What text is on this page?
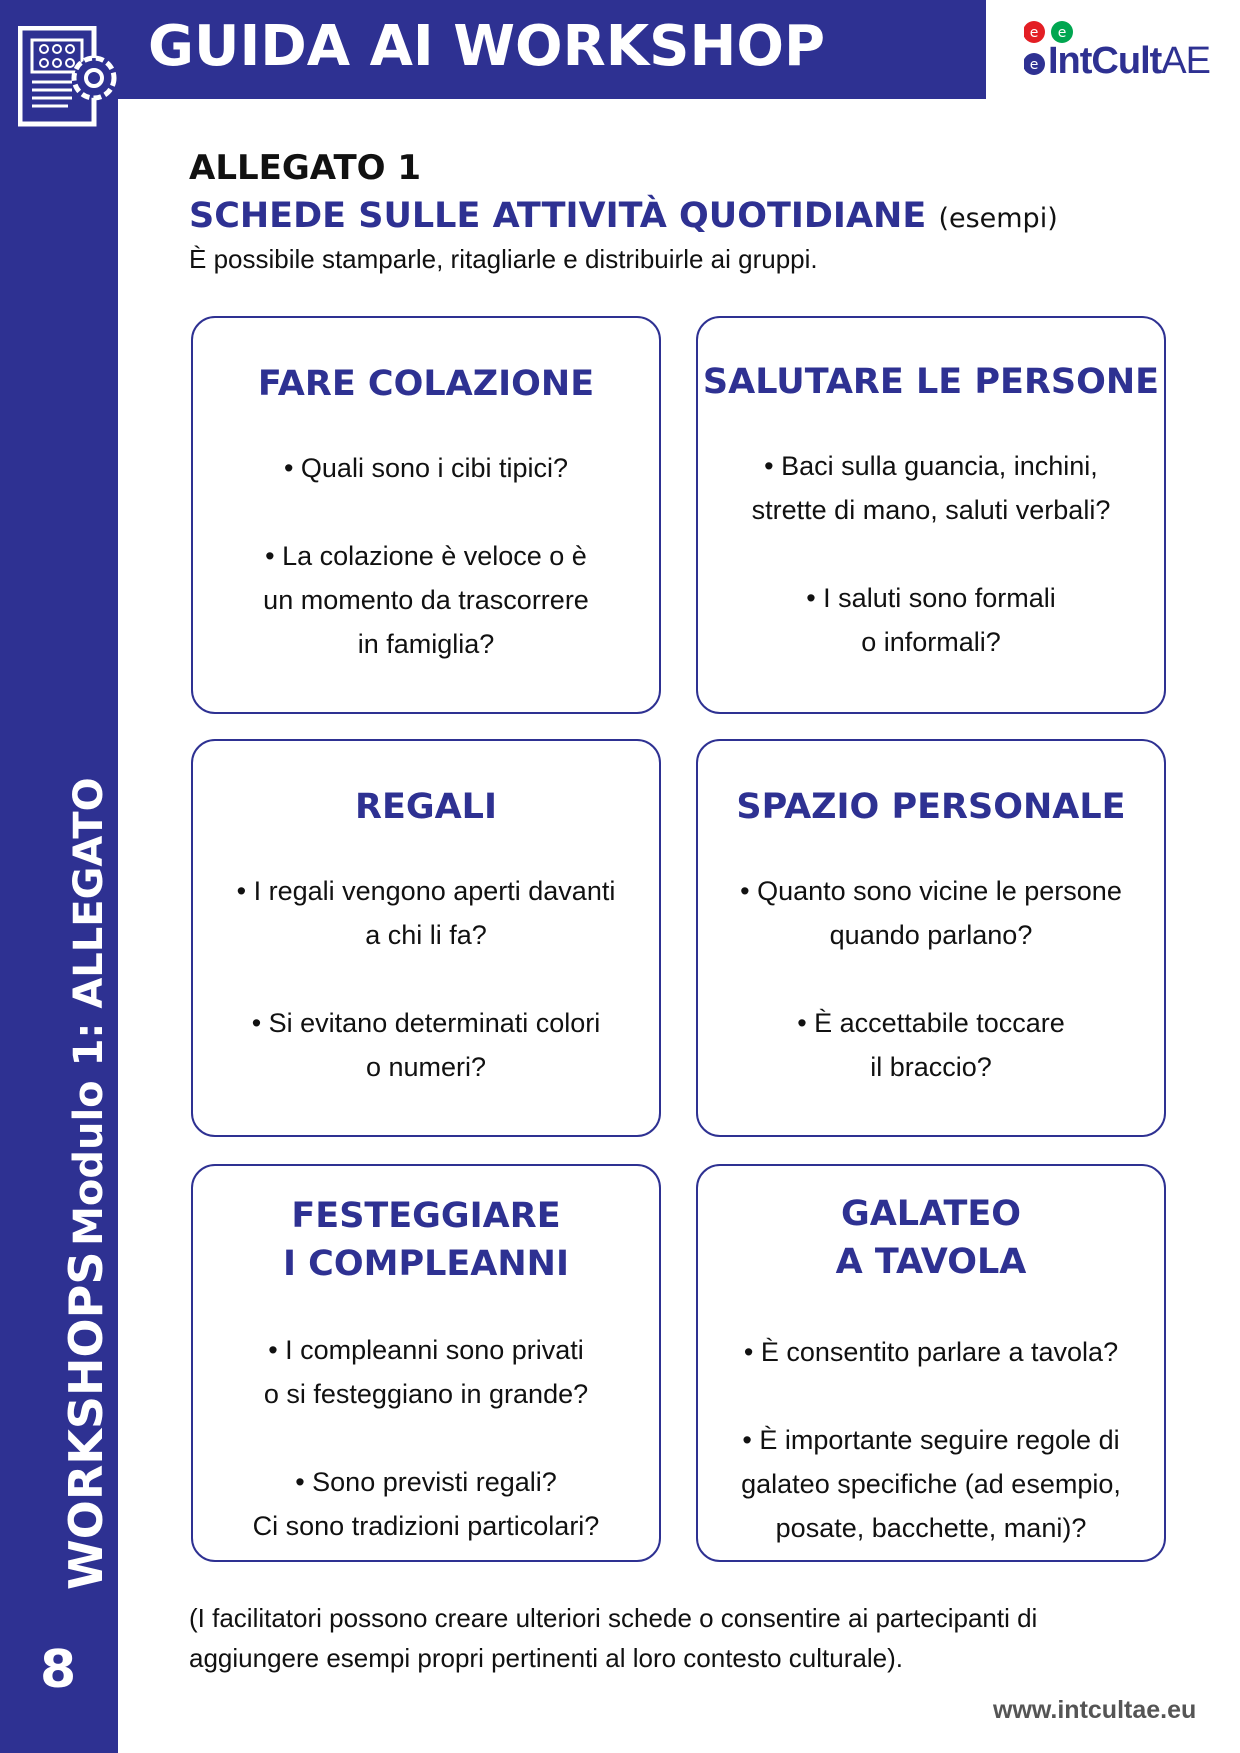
GUIDA AI WORKSHOP	e e
e IntCultAE
WORKSHOPS Modulo 1: ALLEGATO
8

ALLEGATO 1

SCHEDE SULLE ATTIVITÀ QUOTIDIANE (esempi)

È possibile stamparle, ritagliarle e distribuirle ai gruppi.

FARE COLAZIONE

• Quali sono i cibi tipici?

• La colazione è veloce o è
un momento da trascorrere
in famiglia?

SALUTARE LE PERSONE

• Baci sulla guancia, inchini,
strette di mano, saluti verbali?

• I saluti sono formali
o informali?

REGALI

• I regali vengono aperti davanti
a chi li fa?

• Si evitano determinati colori
o numeri?

SPAZIO PERSONALE

• Quanto sono vicine le persone
quando parlano?

• È accettabile toccare
il braccio?

FESTEGGIARE
I COMPLEANNI

• I compleanni sono privati
o si festeggiano in grande?

• Sono previsti regali?
Ci sono tradizioni particolari?

GALATEO
A TAVOLA

• È consentito parlare a tavola?

• È importante seguire regole di
galateo specifiche (ad esempio,
posate, bacchette, mani)?

(I facilitatori possono creare ulteriori schede o consentire ai partecipanti di aggiungere esempi propri pertinenti al loro contesto culturale).
www.intcultae.eu
